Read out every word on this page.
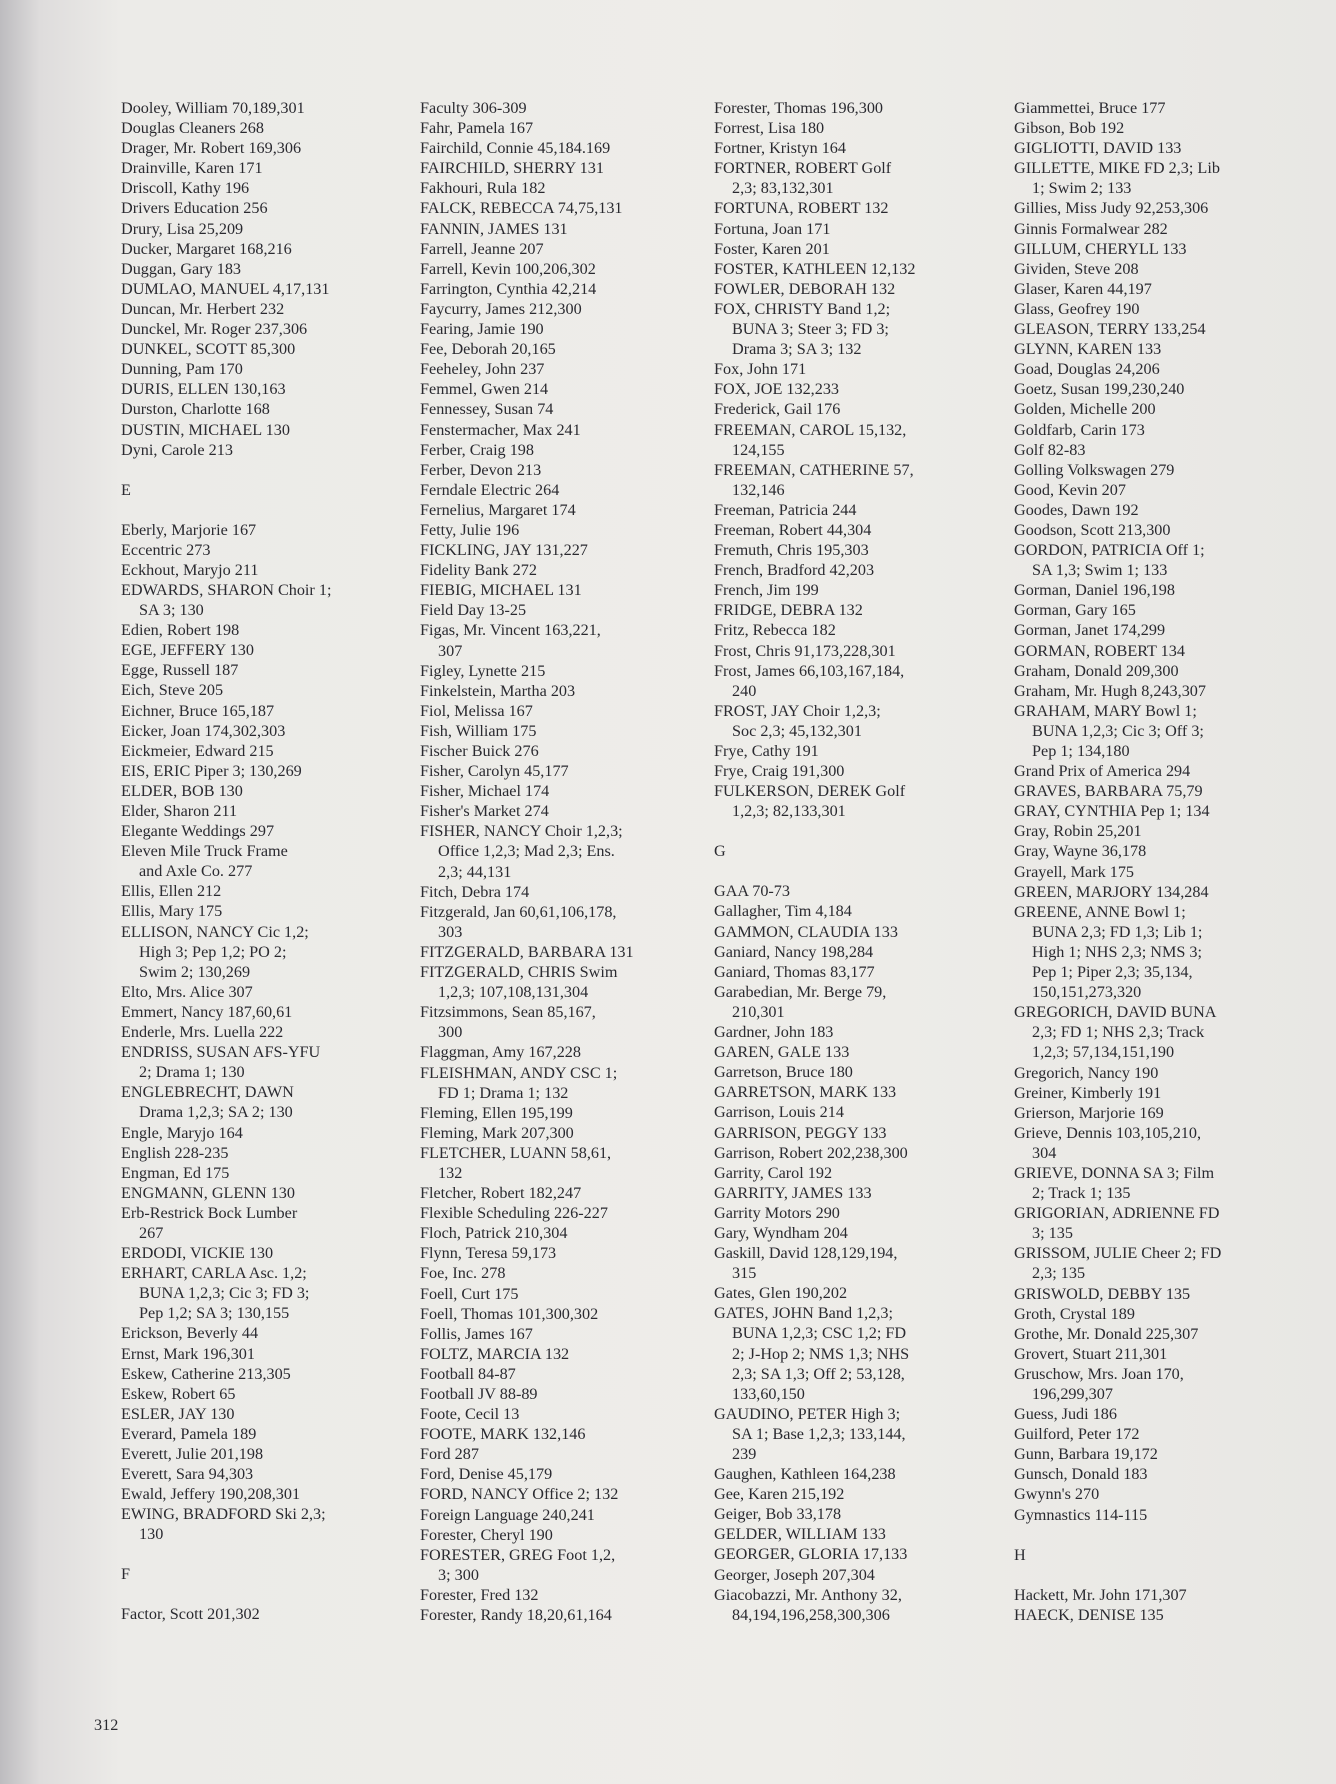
Dooley, William 70,189,301
Douglas Cleaners 268
Drager, Mr. Robert 169,306
Drainville, Karen 171
Driscoll, Kathy 196
Drivers Education 256
Drury, Lisa 25,209
Ducker, Margaret 168,216
Duggan, Gary 183
DUMLAO, MANUEL 4,17,131
Duncan, Mr. Herbert 232
Dunckel, Mr. Roger 237,306
DUNKEL, SCOTT 85,300
Dunning, Pam 170
DURIS, ELLEN 130,163
Durston, Charlotte 168
DUSTIN, MICHAEL 130
Dyni, Carole 213
E
Eberly, Marjorie 167
Eccentric 273
Eckhout, Maryjo 211
EDWARDS, SHARON Choir 1;
SA 3; 130
Edien, Robert 198
EGE, JEFFERY 130
Egge, Russell 187
Eich, Steve 205
Eichner, Bruce 165,187
Eicker, Joan 174,302,303
Eickmeier, Edward 215
EIS, ERIC Piper 3; 130,269
ELDER, BOB 130
Elder, Sharon 211
Elegante Weddings 297
Eleven Mile Truck Frame
and Axle Co. 277
Ellis, Ellen 212
Ellis, Mary 175
ELLISON, NANCY Cic 1,2;
High 3; Pep 1,2; PO 2;
Swim 2; 130,269
Elto, Mrs. Alice 307
Emmert, Nancy 187,60,61
Enderle, Mrs. Luella 222
ENDRISS, SUSAN AFS-YFU
2; Drama 1; 130
ENGLEBRECHT, DAWN
Drama 1,2,3; SA 2; 130
Engle, Maryjo 164
English 228-235
Engman, Ed 175
ENGMANN, GLENN 130
Erb-Restrick Bock Lumber
267
ERDODI, VICKIE 130
ERHART, CARLA Asc. 1,2;
BUNA 1,2,3; Cic 3; FD 3;
Pep 1,2; SA 3; 130,155
Erickson, Beverly 44
Ernst, Mark 196,301
Eskew, Catherine 213,305
Eskew, Robert 65
ESLER, JAY 130
Everard, Pamela 189
Everett, Julie 201,198
Everett, Sara 94,303
Ewald, Jeffery 190,208,301
EWING, BRADFORD Ski 2,3;
130
F
Factor, Scott 201,302
Faculty 306-309
Fahr, Pamela 167
Fairchild, Connie 45,184.169
FAIRCHILD, SHERRY 131
Fakhouri, Rula 182
FALCK, REBECCA 74,75,131
FANNIN, JAMES 131
Farrell, Jeanne 207
Farrell, Kevin 100,206,302
Farrington, Cynthia 42,214
Faycurry, James 212,300
Fearing, Jamie 190
Fee, Deborah 20,165
Feeheley, John 237
Femmel, Gwen 214
Fennessey, Susan 74
Fenstermacher, Max 241
Ferber, Craig 198
Ferber, Devon 213
Ferndale Electric 264
Fernelius, Margaret 174
Fetty, Julie 196
FICKLING, JAY 131,227
Fidelity Bank 272
FIEBIG, MICHAEL 131
Field Day 13-25
Figas, Mr. Vincent 163,221,
307
Figley, Lynette 215
Finkelstein, Martha 203
Fiol, Melissa 167
Fish, William 175
Fischer Buick 276
Fisher, Carolyn 45,177
Fisher, Michael 174
Fisher's Market 274
FISHER, NANCY Choir 1,2,3;
Office 1,2,3; Mad 2,3; Ens.
2,3; 44,131
Fitch, Debra 174
Fitzgerald, Jan 60,61,106,178,
303
FITZGERALD, BARBARA 131
FITZGERALD, CHRIS Swim
1,2,3; 107,108,131,304
Fitzsimmons, Sean 85,167,
300
Flaggman, Amy 167,228
FLEISHMAN, ANDY CSC 1;
FD 1; Drama 1; 132
Fleming, Ellen 195,199
Fleming, Mark 207,300
FLETCHER, LUANN 58,61,
132
Fletcher, Robert 182,247
Flexible Scheduling 226-227
Floch, Patrick 210,304
Flynn, Teresa 59,173
Foe, Inc. 278
Foell, Curt 175
Foell, Thomas 101,300,302
Follis, James 167
FOLTZ, MARCIA 132
Football 84-87
Football JV 88-89
Foote, Cecil 13
FOOTE, MARK 132,146
Ford 287
Ford, Denise 45,179
FORD, NANCY Office 2; 132
Foreign Language 240,241
Forester, Cheryl 190
FORESTER, GREG Foot 1,2,
3; 300
Forester, Fred 132
Forester, Randy 18,20,61,164
Forester, Thomas 196,300
Forrest, Lisa 180
Fortner, Kristyn 164
FORTNER, ROBERT Golf
2,3; 83,132,301
FORTUNA, ROBERT 132
Fortuna, Joan 171
Foster, Karen 201
FOSTER, KATHLEEN 12,132
FOWLER, DEBORAH 132
FOX, CHRISTY Band 1,2;
BUNA 3; Steer 3; FD 3;
Drama 3; SA 3; 132
Fox, John 171
FOX, JOE 132,233
Frederick, Gail 176
FREEMAN, CAROL 15,132,
124,155
FREEMAN, CATHERINE 57,
132,146
Freeman, Patricia 244
Freeman, Robert 44,304
Fremuth, Chris 195,303
French, Bradford 42,203
French, Jim 199
FRIDGE, DEBRA 132
Fritz, Rebecca 182
Frost, Chris 91,173,228,301
Frost, James 66,103,167,184,
240
FROST, JAY Choir 1,2,3;
Soc 2,3; 45,132,301
Frye, Cathy 191
Frye, Craig 191,300
FULKERSON, DEREK Golf
1,2,3; 82,133,301
G
GAA 70-73
Gallagher, Tim 4,184
GAMMON, CLAUDIA 133
Ganiard, Nancy 198,284
Ganiard, Thomas 83,177
Garabedian, Mr. Berge 79,
210,301
Gardner, John 183
GAREN, GALE 133
Garretson, Bruce 180
GARRETSON, MARK 133
Garrison, Louis 214
GARRISON, PEGGY 133
Garrison, Robert 202,238,300
Garrity, Carol 192
GARRITY, JAMES 133
Garrity Motors 290
Gary, Wyndham 204
Gaskill, David 128,129,194,
315
Gates, Glen 190,202
GATES, JOHN Band 1,2,3;
BUNA 1,2,3; CSC 1,2; FD
2; J-Hop 2; NMS 1,3; NHS
2,3; SA 1,3; Off 2; 53,128,
133,60,150
GAUDINO, PETER High 3;
SA 1; Base 1,2,3; 133,144,
239
Gaughen, Kathleen 164,238
Gee, Karen 215,192
Geiger, Bob 33,178
GELDER, WILLIAM 133
GEORGER, GLORIA 17,133
Georger, Joseph 207,304
Giacobazzi, Mr. Anthony 32,
84,194,196,258,300,306
Giammettei, Bruce 177
Gibson, Bob 192
GIGLIOTTI, DAVID 133
GILLETTE, MIKE FD 2,3; Lib
1; Swim 2; 133
Gillies, Miss Judy 92,253,306
Ginnis Formalwear 282
GILLUM, CHERYLL 133
Gividen, Steve 208
Glaser, Karen 44,197
Glass, Geofrey 190
GLEASON, TERRY 133,254
GLYNN, KAREN 133
Goad, Douglas 24,206
Goetz, Susan 199,230,240
Golden, Michelle 200
Goldfarb, Carin 173
Golf 82-83
Golling Volkswagen 279
Good, Kevin 207
Goodes, Dawn 192
Goodson, Scott 213,300
GORDON, PATRICIA Off 1;
SA 1,3; Swim 1; 133
Gorman, Daniel 196,198
Gorman, Gary 165
Gorman, Janet 174,299
GORMAN, ROBERT 134
Graham, Donald 209,300
Graham, Mr. Hugh 8,243,307
GRAHAM, MARY Bowl 1;
BUNA 1,2,3; Cic 3; Off 3;
Pep 1; 134,180
Grand Prix of America 294
GRAVES, BARBARA 75,79
GRAY, CYNTHIA Pep 1; 134
Gray, Robin 25,201
Gray, Wayne 36,178
Grayell, Mark 175
GREEN, MARJORY 134,284
GREENE, ANNE Bowl 1;
BUNA 2,3; FD 1,3; Lib 1;
High 1; NHS 2,3; NMS 3;
Pep 1; Piper 2,3; 35,134,
150,151,273,320
GREGORICH, DAVID BUNA
2,3; FD 1; NHS 2,3; Track
1,2,3; 57,134,151,190
Gregorich, Nancy 190
Greiner, Kimberly 191
Grierson, Marjorie 169
Grieve, Dennis 103,105,210,
304
GRIEVE, DONNA SA 3; Film
2; Track 1; 135
GRIGORIAN, ADRIENNE FD
3; 135
GRISSOM, JULIE Cheer 2; FD
2,3; 135
GRISWOLD, DEBBY 135
Groth, Crystal 189
Grothe, Mr. Donald 225,307
Grovert, Stuart 211,301
Gruschow, Mrs. Joan 170,
196,299,307
Guess, Judi 186
Guilford, Peter 172
Gunn, Barbara 19,172
Gunsch, Donald 183
Gwynn's 270
Gymnastics 114-115
H
Hackett, Mr. John 171,307
HAECK, DENISE 135
312
